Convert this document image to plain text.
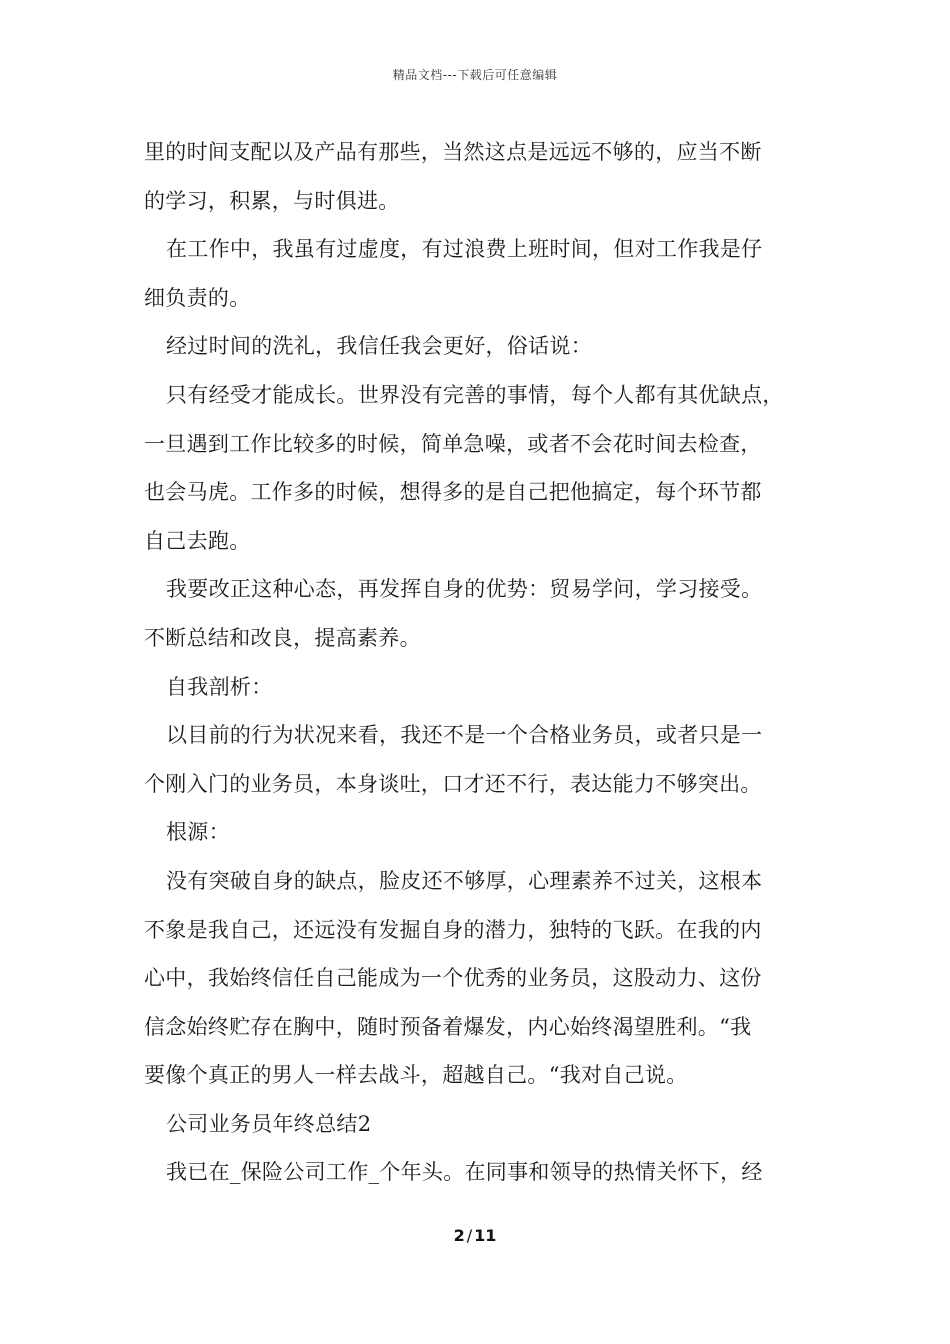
精品文档---下载后可任意编辑
里的时间支配以及产品有那些，当然这点是远远不够的，应当不断
的学习，积累，与时俱进。
在工作中，我虽有过虚度，有过浪费上班时间，但对工作我是仔
细负责的。
经过时间的洗礼，我信任我会更好，俗话说：
只有经受才能成长。世界没有完善的事情，每个人都有其优缺点，
一旦遇到工作比较多的时候，简单急噪，或者不会花时间去检查，
也会马虎。工作多的时候，想得多的是自己把他搞定，每个环节都
自己去跑。
我要改正这种心态，再发挥自身的优势：贸易学问，学习接受。
不断总结和改良，提高素养。
自我剖析：
以目前的行为状况来看，我还不是一个合格业务员，或者只是一
个刚入门的业务员，本身谈吐，口才还不行，表达能力不够突出。
根源：
没有突破自身的缺点，脸皮还不够厚，心理素养不过关，这根本
不象是我自己，还远没有发掘自身的潜力，独特的飞跃。在我的内
心中，我始终信任自己能成为一个优秀的业务员，这股动力、这份
信念始终贮存在胸中，随时预备着爆发，内心始终渴望胜利。“我
要像个真正的男人一样去战斗，超越自己。“我对自己说。
公司业务员年终总结2
我已在_保险公司工作_个年头。在同事和领导的热情关怀下，经
2 / 11
